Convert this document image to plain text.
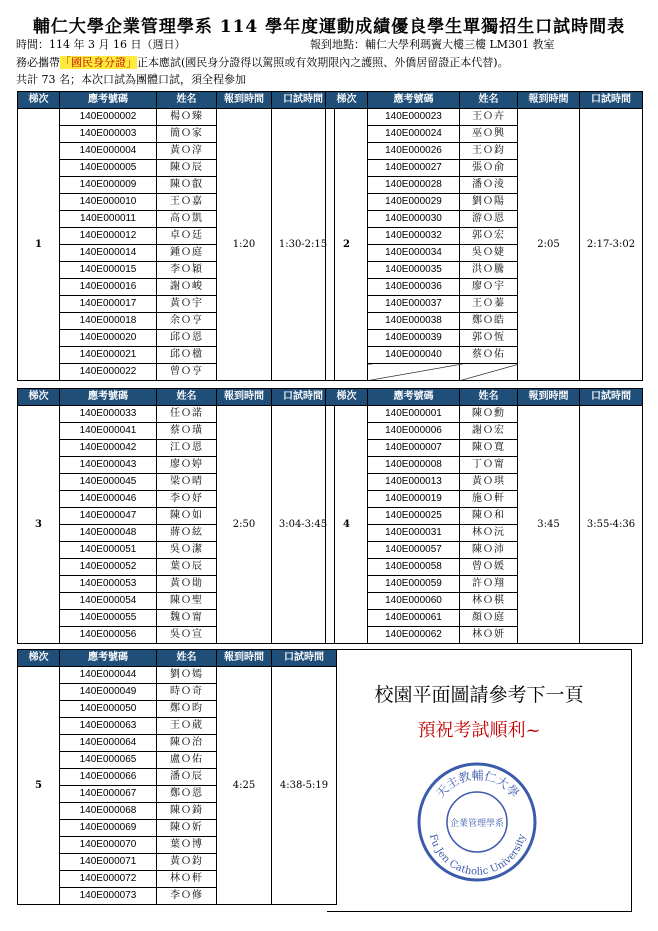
輔仁大學企業管理學系 114 學年度運動成績優良學生單獨招生口試時間表
時間：114 年 3 月 16 日（週日）	報到地點：輔仁大學利瑪竇大樓三樓 LM301 教室
務必攜帶「國民身分證」正本應試(國民身分證得以駕照或有效期限內之護照、外僑居留證正本代替)。
共計 73 名；本次口試為團體口試，須全程參加
梯次	應考號碼	姓名	報到時間	口試時間
1	140E000002	楊Ｏ臻	1:20	1:30-2:15
	140E000003	簡Ｏ家		
	140E000004	黃Ｏ淳		
	140E000005	陳Ｏ辰		
	140E000009	陳Ｏ叡		
	140E000010	王Ｏ嘉		
	140E000011	高Ｏ凱		
	140E000012	卓Ｏ廷		
	140E000014	鍾Ｏ庭		
	140E000015	李Ｏ穎		
	140E000016	謝Ｏ峻		
	140E000017	黃Ｏ宇		
	140E000018	余Ｏ亨		
	140E000020	邱Ｏ恩		
	140E000021	邱Ｏ楹		
	140E000022	曾Ｏ亨		
梯次	應考號碼	姓名	報到時間	口試時間
2	140E000023	王Ｏ卉	2:05	2:17-3:02
	140E000024	巫Ｏ興		
	140E000026	王Ｏ鈞		
	140E000027	張Ｏ俞		
	140E000028	潘Ｏ淩		
	140E000029	劉Ｏ陽		
	140E000030	游Ｏ恩		
	140E000032	郭Ｏ宏		
	140E000034	吳Ｏ婕		
	140E000035	洪Ｏ騰		
	140E000036	廖Ｏ宇		
	140E000037	王Ｏ蓁		
	140E000038	鄭Ｏ皓		
	140E000039	郭Ｏ恆		
	140E000040	蔡Ｏ佑		

梯次	應考號碼	姓名	報到時間	口試時間
3	140E000033	任Ｏ諾	2:50	3:04-3:45
	140E000041	蔡Ｏ璜		
	140E000042	江Ｏ恩		
	140E000043	廖Ｏ婷		
	140E000045	梁Ｏ晴		
	140E000046	李Ｏ妤		
	140E000047	陳Ｏ如		
	140E000048	蔣Ｏ絃		
	140E000051	吳Ｏ潔		
	140E000052	葉Ｏ辰		
	140E000053	黃Ｏ勛		
	140E000054	陳Ｏ聖		
	140E000055	魏Ｏ甯		
	140E000056	吳Ｏ宣		
梯次	應考號碼	姓名	報到時間	口試時間
4	140E000001	陳Ｏ勳	3:45	3:55-4:36
	140E000006	謝Ｏ宏		
	140E000007	陳Ｏ寬		
	140E000008	丁Ｏ甯		
	140E000013	黃Ｏ琪		
	140E000019	施Ｏ軒		
	140E000025	陳Ｏ和		
	140E000031	林Ｏ沅		
	140E000057	陳Ｏ沛		
	140E000058	曾Ｏ媛		
	140E000059	許Ｏ翔		
	140E000060	林Ｏ棋		
	140E000061	顏Ｏ庭		
	140E000062	林Ｏ妍		
梯次	應考號碼	姓名	報到時間	口試時間
5	140E000044	劉Ｏ嫣	4:25	4:38-5:19
	140E000049	時Ｏ奇		
	140E000050	鄭Ｏ昀		
	140E000063	王Ｏ葳		
	140E000064	陳Ｏ治		
	140E000065	盧Ｏ佑		
	140E000066	潘Ｏ辰		
	140E000067	鄭Ｏ恩		
	140E000068	陳Ｏ錡		
	140E000069	陳Ｏ妡		
	140E000070	葉Ｏ博		
	140E000071	黃Ｏ鈞		
	140E000072	林Ｏ軒		
	140E000073	李Ｏ修		
校園平面圖請參考下一頁
預祝考試順利~
天主教輔仁大學
Fu Jen Catholic University
企業管理學系
